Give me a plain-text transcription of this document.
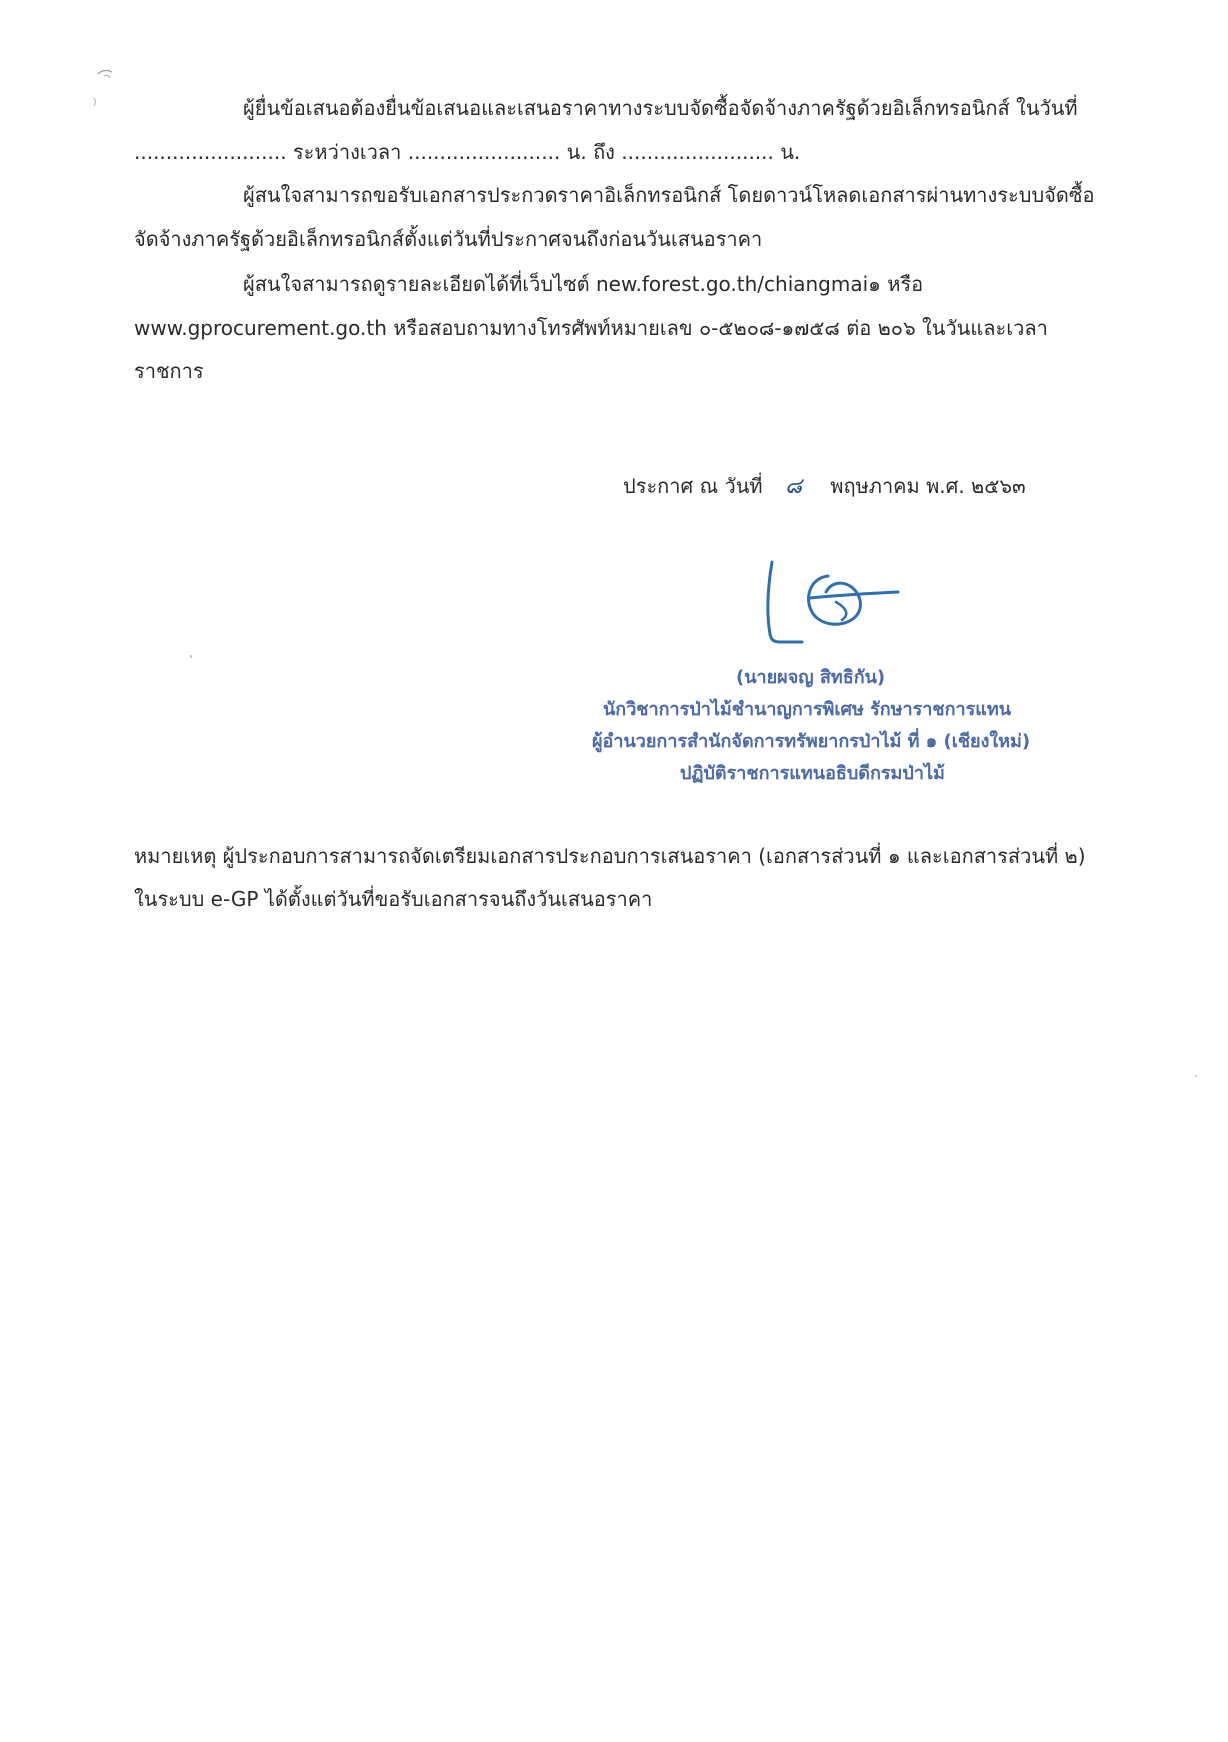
ผู้ยื่นข้อเสนอต้องยื่นข้อเสนอและเสนอราคาทางระบบจัดซื้อจัดจ้างภาครัฐด้วยอิเล็กทรอนิกส์ ในวันที่
........................ ระหว่างเวลา ........................ น. ถึง ........................ น.
ผู้สนใจสามารถขอรับเอกสารประกวดราคาอิเล็กทรอนิกส์ โดยดาวน์โหลดเอกสารผ่านทางระบบจัดซื้อ
จัดจ้างภาครัฐด้วยอิเล็กทรอนิกส์ตั้งแต่วันที่ประกาศจนถึงก่อนวันเสนอราคา
ผู้สนใจสามารถดูรายละเอียดได้ที่เว็บไซต์ new.forest.go.th/chiangmai๑ หรือ
www.gprocurement.go.th หรือสอบถามทางโทรศัพท์หมายเลข ๐-๕๒๐๘-๑๗๕๘ ต่อ ๒๐๖ ในวันและเวลา
ราชการ
ประกาศ ณ วันที่ ๘ พฤษภาคม พ.ศ. ๒๕๖๓
(นายผจญ สิทธิกัน)
นักวิชาการป่าไม้ชำนาญการพิเศษ รักษาราชการแทน
ผู้อำนวยการสำนักจัดการทรัพยากรป่าไม้ ที่ ๑ (เชียงใหม่)
ปฏิบัติราชการแทนอธิบดีกรมป่าไม้
หมายเหตุ ผู้ประกอบการสามารถจัดเตรียมเอกสารประกอบการเสนอราคา (เอกสารส่วนที่ ๑ และเอกสารส่วนที่ ๒)
ในระบบ e-GP ได้ตั้งแต่วันที่ขอรับเอกสารจนถึงวันเสนอราคา
